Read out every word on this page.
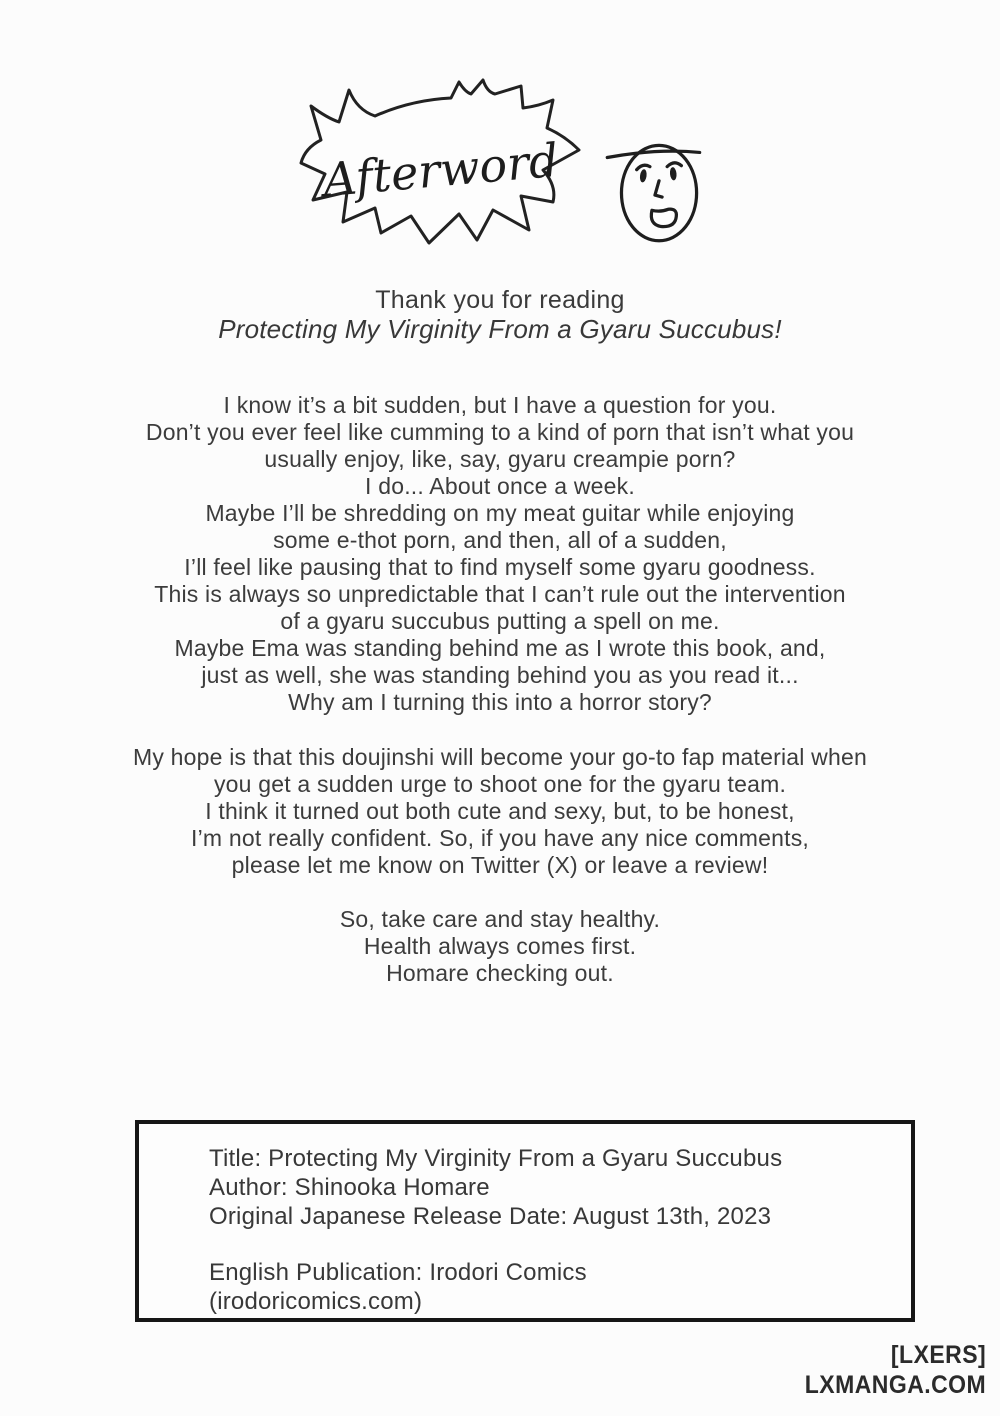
Afterword
Thank you for reading
Protecting My Virginity From a Gyaru Succubus!
I know it’s a bit sudden, but I have a question for you.
Don’t you ever feel like cumming to a kind of porn that isn’t what you
usually enjoy, like, say, gyaru creampie porn?
I do... About once a week.
Maybe I’ll be shredding on my meat guitar while enjoying
some e-thot porn, and then, all of a sudden,
I’ll feel like pausing that to find myself some gyaru goodness.
This is always so unpredictable that I can’t rule out the intervention
of a gyaru succubus putting a spell on me.
Maybe Ema was standing behind me as I wrote this book, and,
just as well, she was standing behind you as you read it...
Why am I turning this into a horror story?
My hope is that this doujinshi will become your go-to fap material when
you get a sudden urge to shoot one for the gyaru team.
I think it turned out both cute and sexy, but, to be honest,
I’m not really confident. So, if you have any nice comments,
please let me know on Twitter (X) or leave a review!
So, take care and stay healthy.
Health always comes first.
Homare checking out.
Title: Protecting My Virginity From a Gyaru Succubus
Author: Shinooka Homare
Original Japanese Release Date: August 13th, 2023
English Publication: Irodori Comics
(irodoricomics.com)
[LXERS]
LXMANGA.COM
